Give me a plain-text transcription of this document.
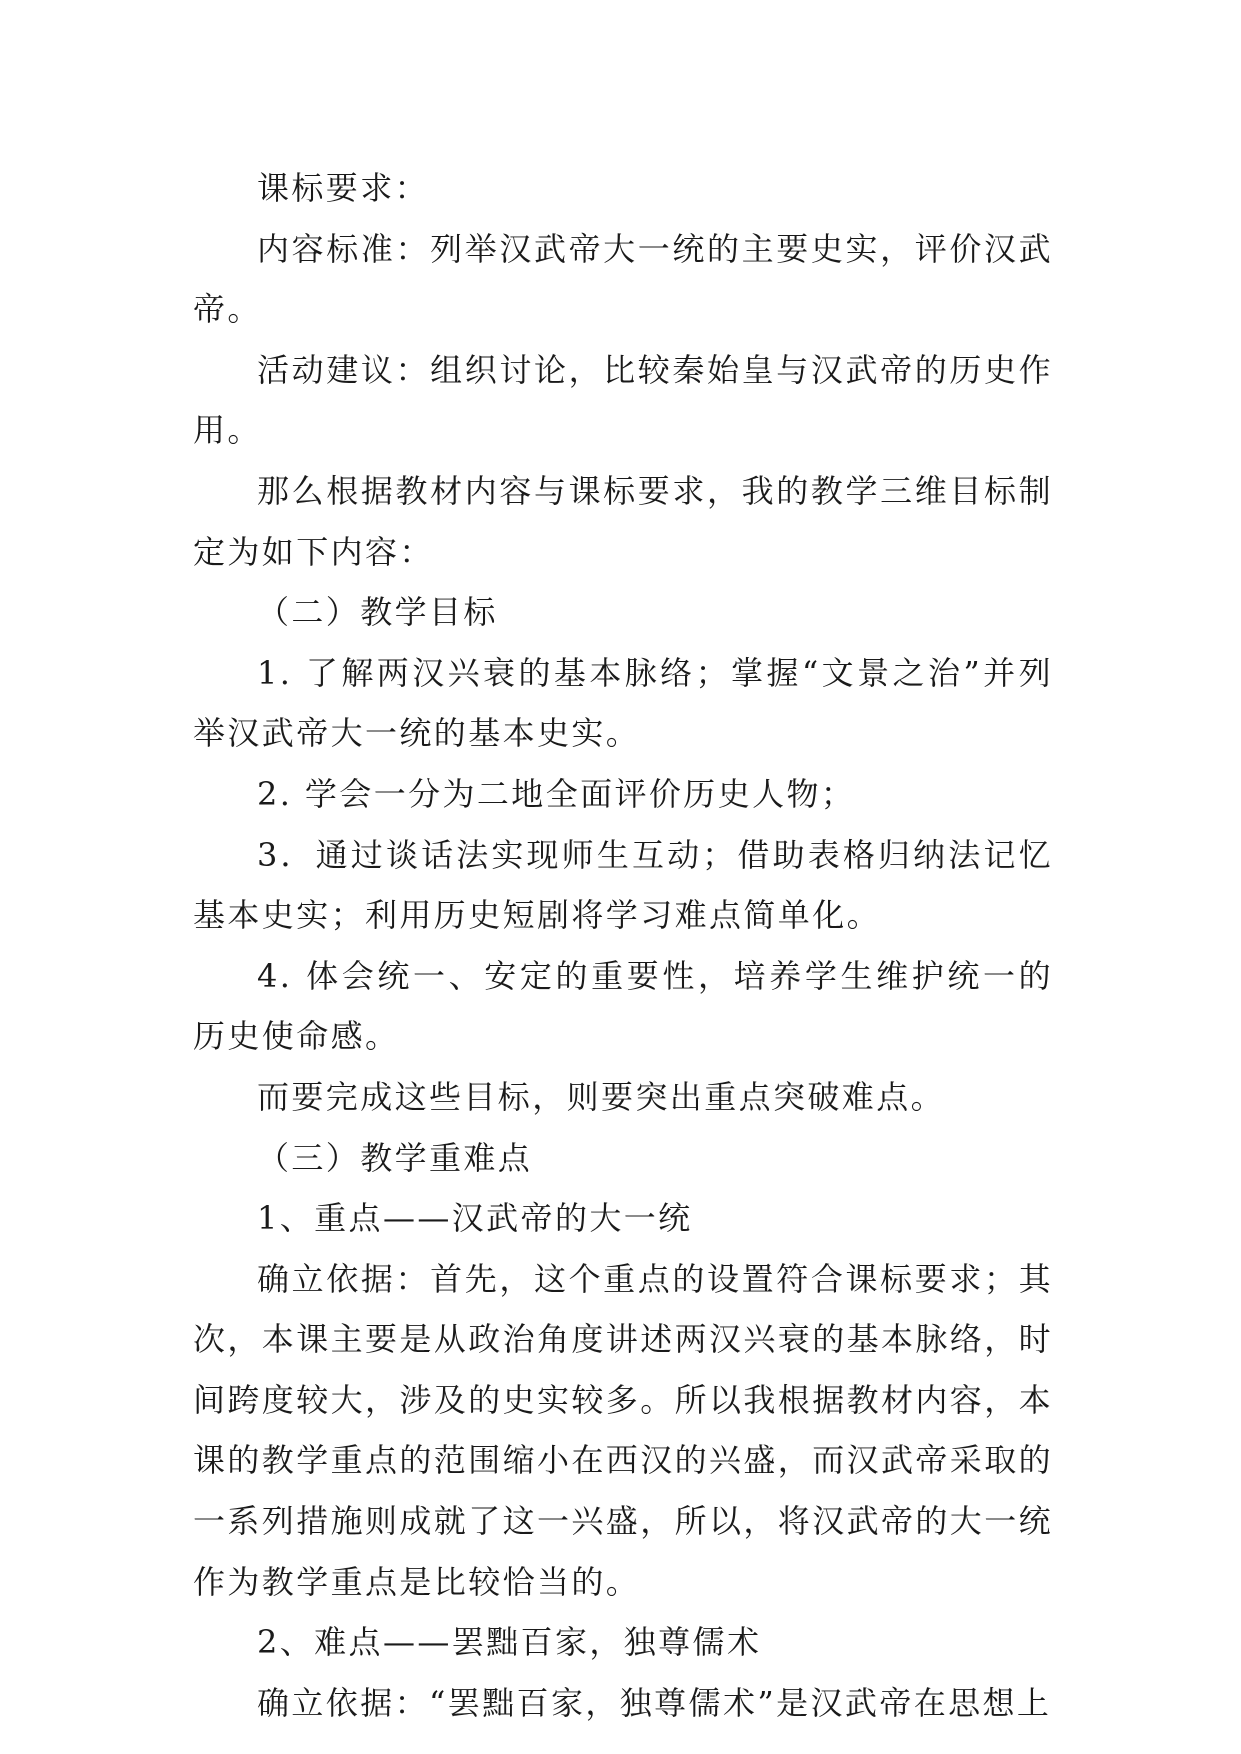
课标要求：

内容标准：列举汉武帝大一统的主要史实，评价汉武帝。

活动建议：组织讨论，比较秦始皇与汉武帝的历史作用。

那么根据教材内容与课标要求，我的教学三维目标制定为如下内容：

（二）教学目标

1. 了解两汉兴衰的基本脉络；掌握“文景之治”并列举汉武帝大一统的基本史实。

2. 学会一分为二地全面评价历史人物；

3．通过谈话法实现师生互动；借助表格归纳法记忆基本史实；利用历史短剧将学习难点简单化。

4. 体会统一、安定的重要性，培养学生维护统一的历史使命感。

而要完成这些目标，则要突出重点突破难点。

（三）教学重难点

1、重点——汉武帝的大一统

确立依据：首先，这个重点的设置符合课标要求；其次，本课主要是从政治角度讲述两汉兴衰的基本脉络，时间跨度较大，涉及的史实较多。所以我根据教材内容，本课的教学重点的范围缩小在西汉的兴盛，而汉武帝采取的一系列措施则成就了这一兴盛，所以，将汉武帝的大一统作为教学重点是比较恰当的。

2、难点——罢黜百家，独尊儒术

确立依据：“罢黜百家，独尊儒术”是汉武帝在思想上
